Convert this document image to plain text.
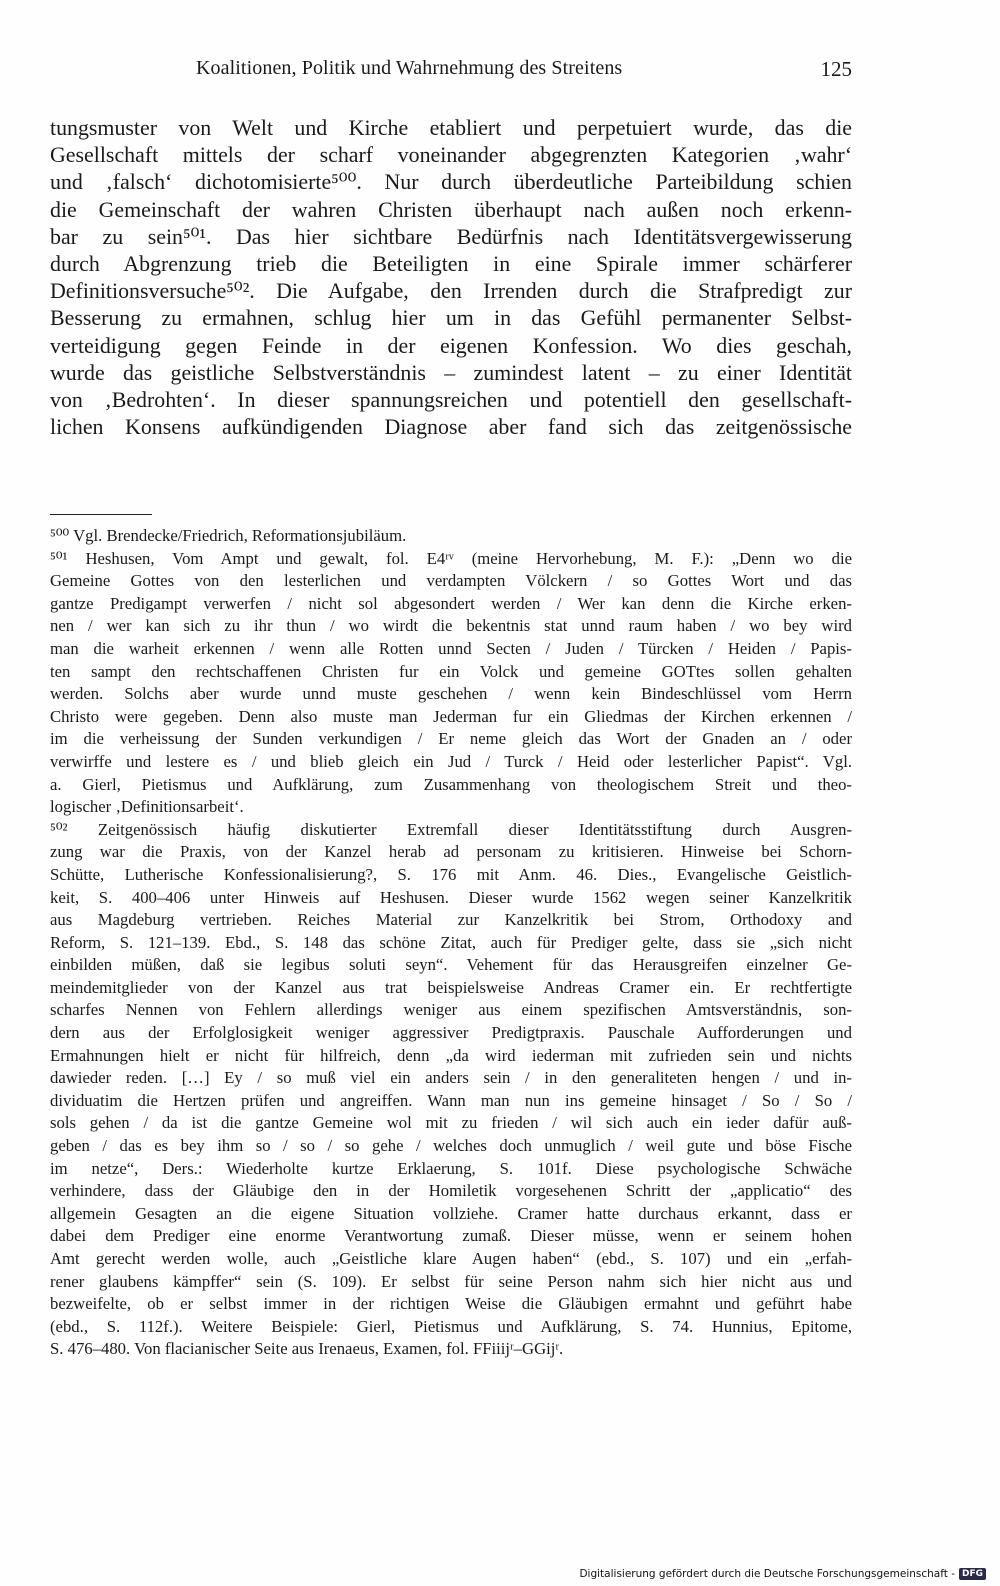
Koalitionen, Politik und Wahrnehmung des Streitens	125
tungsmuster von Welt und Kirche etabliert und perpetuiert wurde, das die
Gesellschaft mittels der scharf voneinander abgegrenzten Kategorien ‚wahr‘
und ‚falsch‘ dichotomisierte⁵⁰⁰. Nur durch überdeutliche Parteibildung schien
die Gemeinschaft der wahren Christen überhaupt nach außen noch erkenn-
bar zu sein⁵⁰¹. Das hier sichtbare Bedürfnis nach Identitätsvergewisserung
durch Abgrenzung trieb die Beteiligten in eine Spirale immer schärferer
Definitionsversuche⁵⁰². Die Aufgabe, den Irrenden durch die Strafpredigt zur
Besserung zu ermahnen, schlug hier um in das Gefühl permanenter Selbst-
verteidigung gegen Feinde in der eigenen Konfession. Wo dies geschah,
wurde das geistliche Selbstverständnis – zumindest latent – zu einer Identität
von ‚Bedrohten‘. In dieser spannungsreichen und potentiell den gesellschaft-
lichen Konsens aufkündigenden Diagnose aber fand sich das zeitgenössische
⁵⁰⁰ Vgl. Brendecke/Friedrich, Reformationsjubiläum.
⁵⁰¹ Heshusen, Vom Ampt und gewalt, fol. E4ʳᵛ (meine Hervorhebung, M. F.): „Denn wo die
Gemeine Gottes von den lesterlichen und verdampten Völckern / so Gottes Wort und das
gantze Predigampt verwerfen / nicht sol abgesondert werden / Wer kan denn die Kirche erken-
nen / wer kan sich zu ihr thun / wo wirdt die bekentnis stat unnd raum haben / wo bey wird
man die warheit erkennen / wenn alle Rotten unnd Secten / Juden / Türcken / Heiden / Papis-
ten sampt den rechtschaffenen Christen fur ein Volck und gemeine GOTtes sollen gehalten
werden. Solchs aber wurde unnd muste geschehen / wenn kein Bindeschlüssel vom Herrn
Christo were gegeben. Denn also muste man Jederman fur ein Gliedmas der Kirchen erkennen /
im die verheissung der Sunden verkundigen / Er neme gleich das Wort der Gnaden an / oder
verwirffe und lestere es / und blieb gleich ein Jud / Turck / Heid oder lesterlicher Papist“. Vgl.
a. Gierl, Pietismus und Aufklärung, zum Zusammenhang von theologischem Streit und theo-
logischer ‚Definitionsarbeit‘.
⁵⁰² Zeitgenössisch häufig diskutierter Extremfall dieser Identitätsstiftung durch Ausgren-
zung war die Praxis, von der Kanzel herab ad personam zu kritisieren. Hinweise bei Schorn-
Schütte, Lutherische Konfessionalisierung?, S. 176 mit Anm. 46. Dies., Evangelische Geistlich-
keit, S. 400–406 unter Hinweis auf Heshusen. Dieser wurde 1562 wegen seiner Kanzelkritik
aus Magdeburg vertrieben. Reiches Material zur Kanzelkritik bei Strom, Orthodoxy and
Reform, S. 121–139. Ebd., S. 148 das schöne Zitat, auch für Prediger gelte, dass sie „sich nicht
einbilden müßen, daß sie legibus soluti seyn“. Vehement für das Herausgreifen einzelner Ge-
meindemitglieder von der Kanzel aus trat beispielsweise Andreas Cramer ein. Er rechtfertigte
scharfes Nennen von Fehlern allerdings weniger aus einem spezifischen Amtsverständnis, son-
dern aus der Erfolglosigkeit weniger aggressiver Predigtpraxis. Pauschale Aufforderungen und
Ermahnungen hielt er nicht für hilfreich, denn „da wird iederman mit zufrieden sein und nichts
dawieder reden. […] Ey / so muß viel ein anders sein / in den generaliteten hengen / und in-
dividuatim die Hertzen prüfen und angreiffen. Wann man nun ins gemeine hinsaget / So / So /
sols gehen / da ist die gantze Gemeine wol mit zu frieden / wil sich auch ein ieder dafür auß-
geben / das es bey ihm so / so / so gehe / welches doch unmuglich / weil gute und böse Fische
im netze“, Ders.: Wiederholte kurtze Erklaerung, S. 101f. Diese psychologische Schwäche
verhindere, dass der Gläubige den in der Homiletik vorgesehenen Schritt der „applicatio“ des
allgemein Gesagten an die eigene Situation vollziehe. Cramer hatte durchaus erkannt, dass er
dabei dem Prediger eine enorme Verantwortung zumaß. Dieser müsse, wenn er seinem hohen
Amt gerecht werden wolle, auch „Geistliche klare Augen haben“ (ebd., S. 107) und ein „erfah-
rener glaubens kämpffer“ sein (S. 109). Er selbst für seine Person nahm sich hier nicht aus und
bezweifelte, ob er selbst immer in der richtigen Weise die Gläubigen ermahnt und geführt habe
(ebd., S. 112f.). Weitere Beispiele: Gierl, Pietismus und Aufklärung, S. 74. Hunnius, Epitome,
S. 476–480. Von flacianischer Seite aus Irenaeus, Examen, fol. FFiiijʳ–GGijʳ.
Digitalisierung gefördert durch die Deutsche Forschungsgemeinschaft - DFG
